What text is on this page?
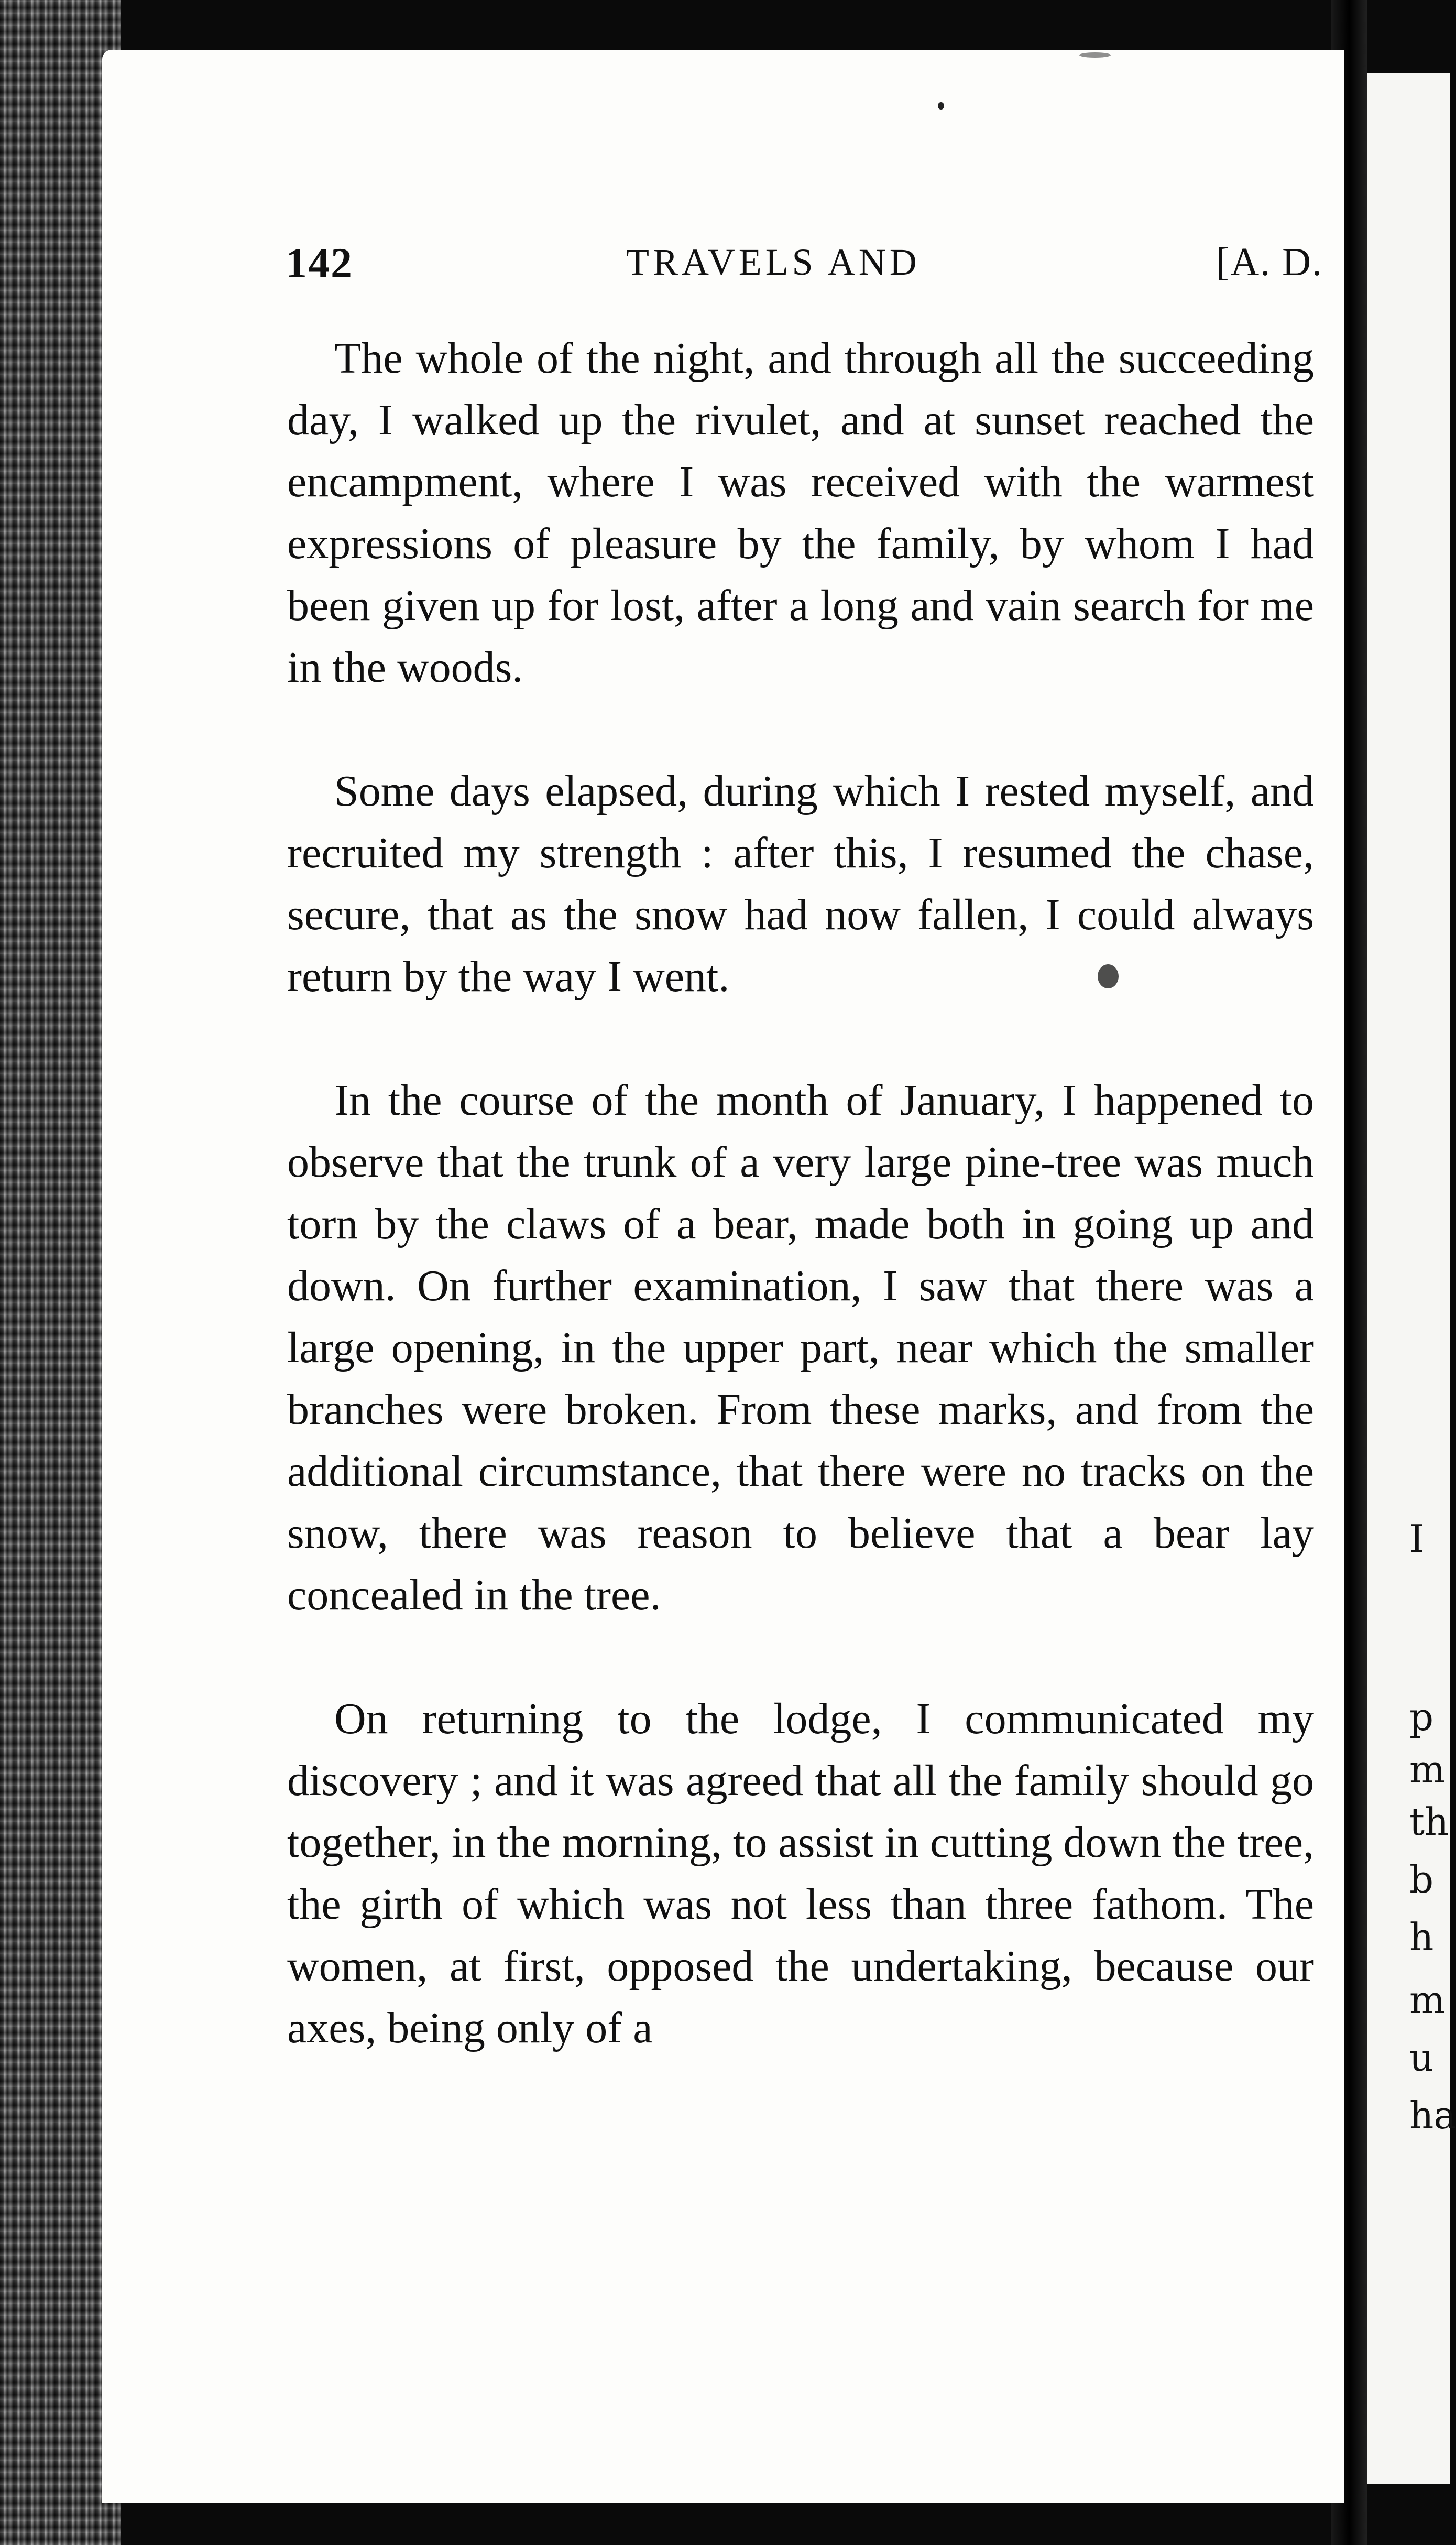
I
p
m
th
b
h
m
u
ha
142	TRAVELS AND	[A. D.

The whole of the night, and through all the succeeding day, I walked up the rivulet, and at sunset reached the encampment, where I was received with the warmest expressions of pleasure by the family, by whom I had been given up for lost, after a long and vain search for me in the woods.

Some days elapsed, during which I rested myself, and recruited my strength : after this, I resumed the chase, secure, that as the snow had now fallen, I could always return by the way I went.

In the course of the month of January, I happened to observe that the trunk of a very large pine-tree was much torn by the claws of a bear, made both in going up and down. On further examination, I saw that there was a large opening, in the upper part, near which the smaller branches were broken. From these marks, and from the additional circumstance, that there were no tracks on the snow, there was reason to believe that a bear lay concealed in the tree.

On returning to the lodge, I communicated my discovery ; and it was agreed that all the family should go together, in the morning, to assist in cutting down the tree, the girth of which was not less than three fathom. The women, at first, opposed the undertaking, because our axes, being only of a
